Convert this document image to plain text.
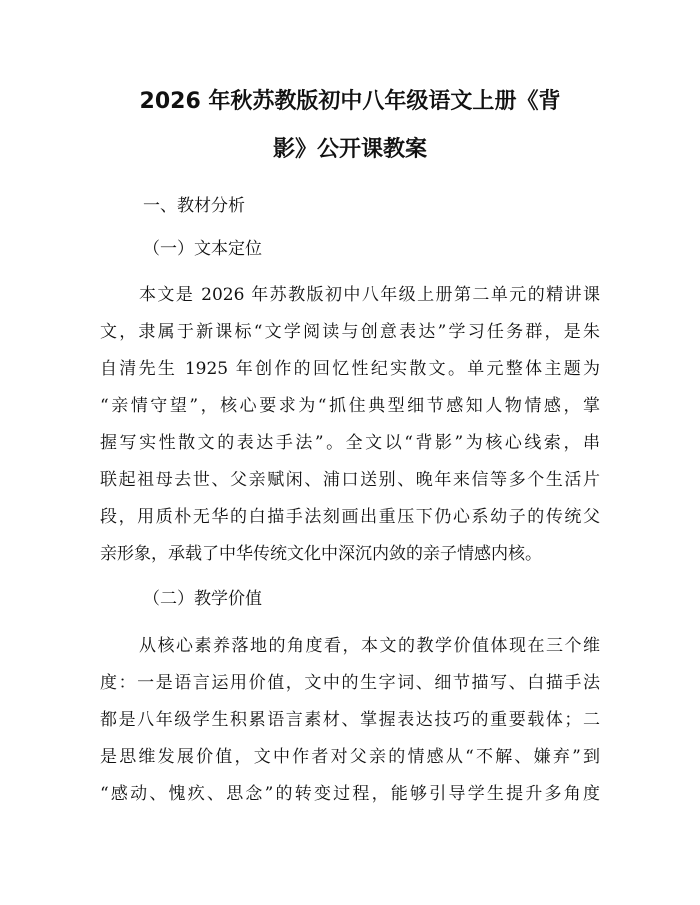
2026 年秋苏教版初中八年级语文上册《背
影》公开课教案

一、教材分析

（一）文本定位

本文是 2026 年苏教版初中八年级上册第二单元的精讲课

文，隶属于新课标“文学阅读与创意表达”学习任务群，是朱

自清先生 1925 年创作的回忆性纪实散文。单元整体主题为

“亲情守望”，核心要求为“抓住典型细节感知人物情感，掌

握写实性散文的表达手法”。全文以“背影”为核心线索，串

联起祖母去世、父亲赋闲、浦口送别、晚年来信等多个生活片

段，用质朴无华的白描手法刻画出重压下仍心系幼子的传统父

亲形象，承载了中华传统文化中深沉内敛的亲子情感内核。

（二）教学价值

从核心素养落地的角度看，本文的教学价值体现在三个维

度：一是语言运用价值，文中的生字词、细节描写、白描手法

都是八年级学生积累语言素材、掌握表达技巧的重要载体；二

是思维发展价值，文中作者对父亲的情感从“不解、嫌弃”到

“感动、愧疚、思念”的转变过程，能够引导学生提升多角度
